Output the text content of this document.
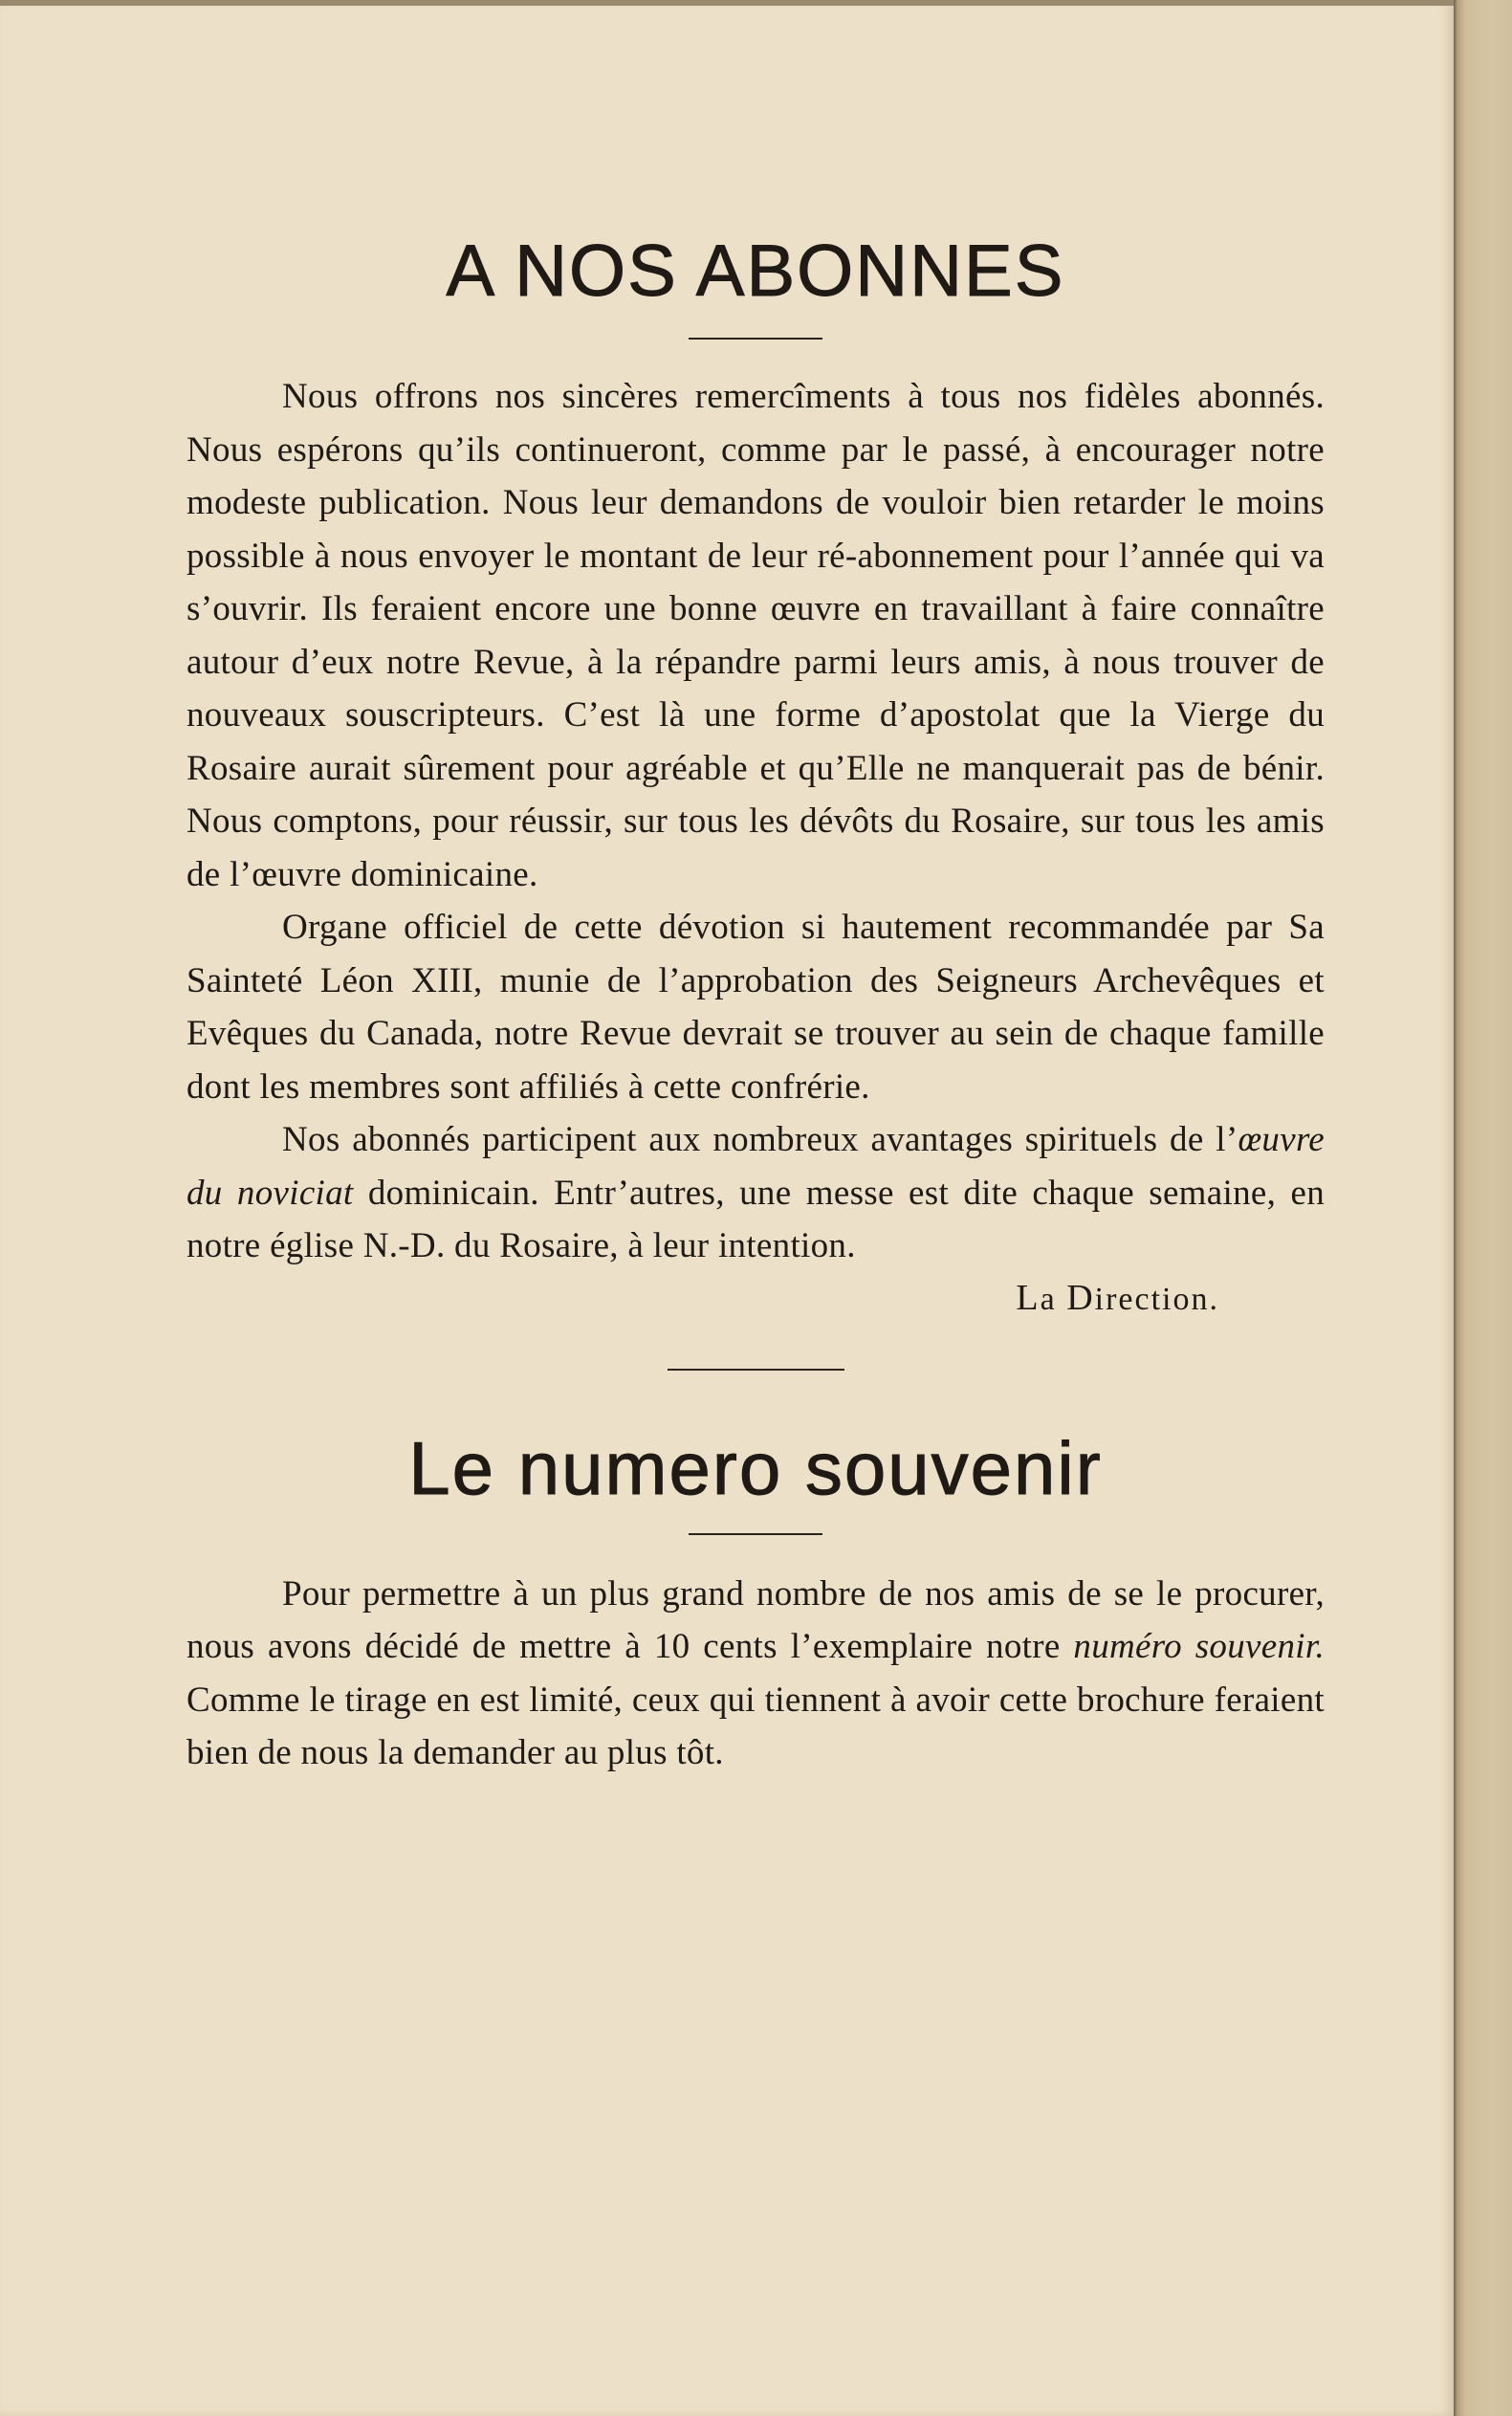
A NOS ABONNES

Nous offrons nos sincères remercîments à tous nos fidèles abonnés. Nous espérons qu’ils continueront, comme par le passé, à encourager notre modeste publication. Nous leur demandons de vouloir bien retarder le moins possible à nous envoyer le montant de leur ré-abonnement pour l’année qui va s’ouvrir. Ils feraient encore une bonne œuvre en travaillant à faire connaître autour d’eux notre Revue, à la répandre parmi leurs amis, à nous trouver de nouveaux souscripteurs. C’est là une forme d’apostolat que la Vierge du Rosaire aurait sûrement pour agréable et qu’Elle ne manquerait pas de bénir. Nous comptons, pour réussir, sur tous les dévôts du Rosaire, sur tous les amis de l’œuvre dominicaine.

Organe officiel de cette dévotion si hautement recommandée par Sa Sainteté Léon XIII, munie de l’approbation des Seigneurs Archevêques et Evêques du Canada, notre Revue devrait se trouver au sein de chaque famille dont les membres sont affiliés à cette confrérie.

Nos abonnés participent aux nombreux avantages spirituels de l’œuvre du noviciat dominicain. Entr’autres, une messe est dite chaque semaine, en notre église N.-D. du Rosaire, à leur intention.

La Direction.
Le numero souvenir

Pour permettre à un plus grand nombre de nos amis de se le procurer, nous avons décidé de mettre à 10 cents l’exemplaire notre numéro souvenir. Comme le tirage en est limité, ceux qui tiennent à avoir cette brochure feraient bien de nous la demander au plus tôt.
